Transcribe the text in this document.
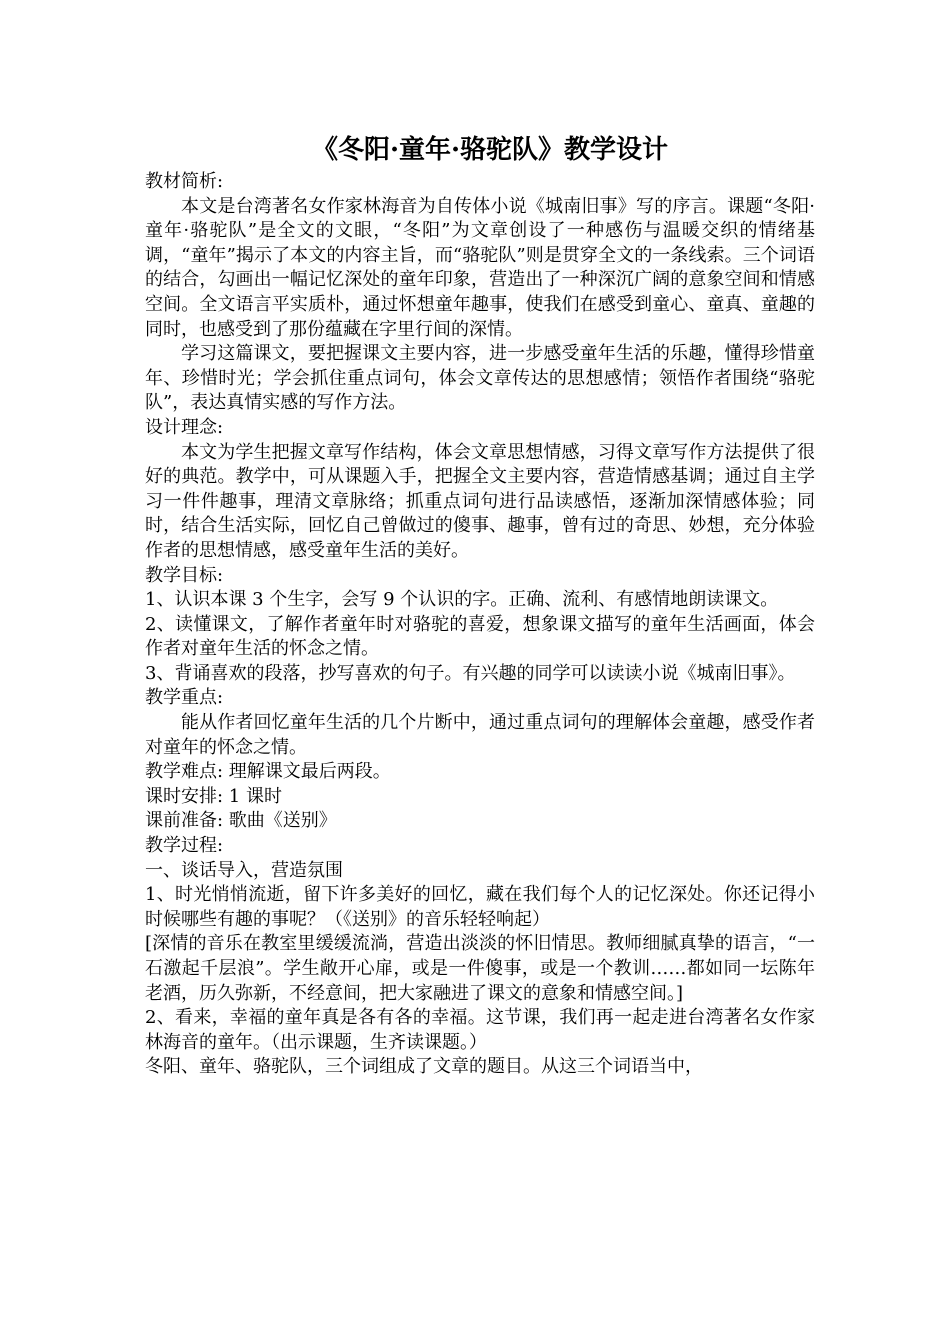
《冬阳·童年·骆驼队》教学设计

教材简析:

本文是台湾著名女作家林海音为自传体小说《城南旧事》写的序言。课题“冬阳·童年·骆驼队”是全文的文眼，“冬阳”为文章创设了一种感伤与温暖交织的情绪基调，“童年”揭示了本文的内容主旨，而“骆驼队”则是贯穿全文的一条线索。三个词语的结合，勾画出一幅记忆深处的童年印象，营造出了一种深沉广阔的意象空间和情感空间。全文语言平实质朴，通过怀想童年趣事，使我们在感受到童心、童真、童趣的同时，也感受到了那份蕴藏在字里行间的深情。

学习这篇课文，要把握课文主要内容，进一步感受童年生活的乐趣，懂得珍惜童年、珍惜时光；学会抓住重点词句，体会文章传达的思想感情；领悟作者围绕“骆驼队”，表达真情实感的写作方法。

设计理念:

本文为学生把握文章写作结构，体会文章思想情感，习得文章写作方法提供了很好的典范。教学中，可从课题入手，把握全文主要内容，营造情感基调；通过自主学习一件件趣事，理清文章脉络；抓重点词句进行品读感悟，逐渐加深情感体验；同时，结合生活实际，回忆自己曾做过的傻事、趣事，曾有过的奇思、妙想，充分体验作者的思想情感，感受童年生活的美好。

教学目标:

1、认识本课 3 个生字，会写 9 个认识的字。正确、流利、有感情地朗读课文。

2、读懂课文，了解作者童年时对骆驼的喜爱，想象课文描写的童年生活画面，体会作者对童年生活的怀念之情。

3、背诵喜欢的段落，抄写喜欢的句子。有兴趣的同学可以读读小说《城南旧事》。

教学重点:

能从作者回忆童年生活的几个片断中，通过重点词句的理解体会童趣，感受作者对童年的怀念之情。

教学难点: 理解课文最后两段。

课时安排: 1 课时

课前准备: 歌曲《送别》

教学过程:

一、谈话导入，营造氛围

1、时光悄悄流逝，留下许多美好的回忆，藏在我们每个人的记忆深处。你还记得小时候哪些有趣的事呢？（《送别》的音乐轻轻响起）

[深情的音乐在教室里缓缓流淌，营造出淡淡的怀旧情思。教师细腻真挚的语言，“一石激起千层浪”。学生敞开心扉，或是一件傻事，或是一个教训……都如同一坛陈年老酒，历久弥新，不经意间，把大家融进了课文的意象和情感空间。]

2、看来，幸福的童年真是各有各的幸福。这节课，我们再一起走进台湾著名女作家林海音的童年。（出示课题，生齐读课题。）

冬阳、童年、骆驼队，三个词组成了文章的题目。从这三个词语当中，
